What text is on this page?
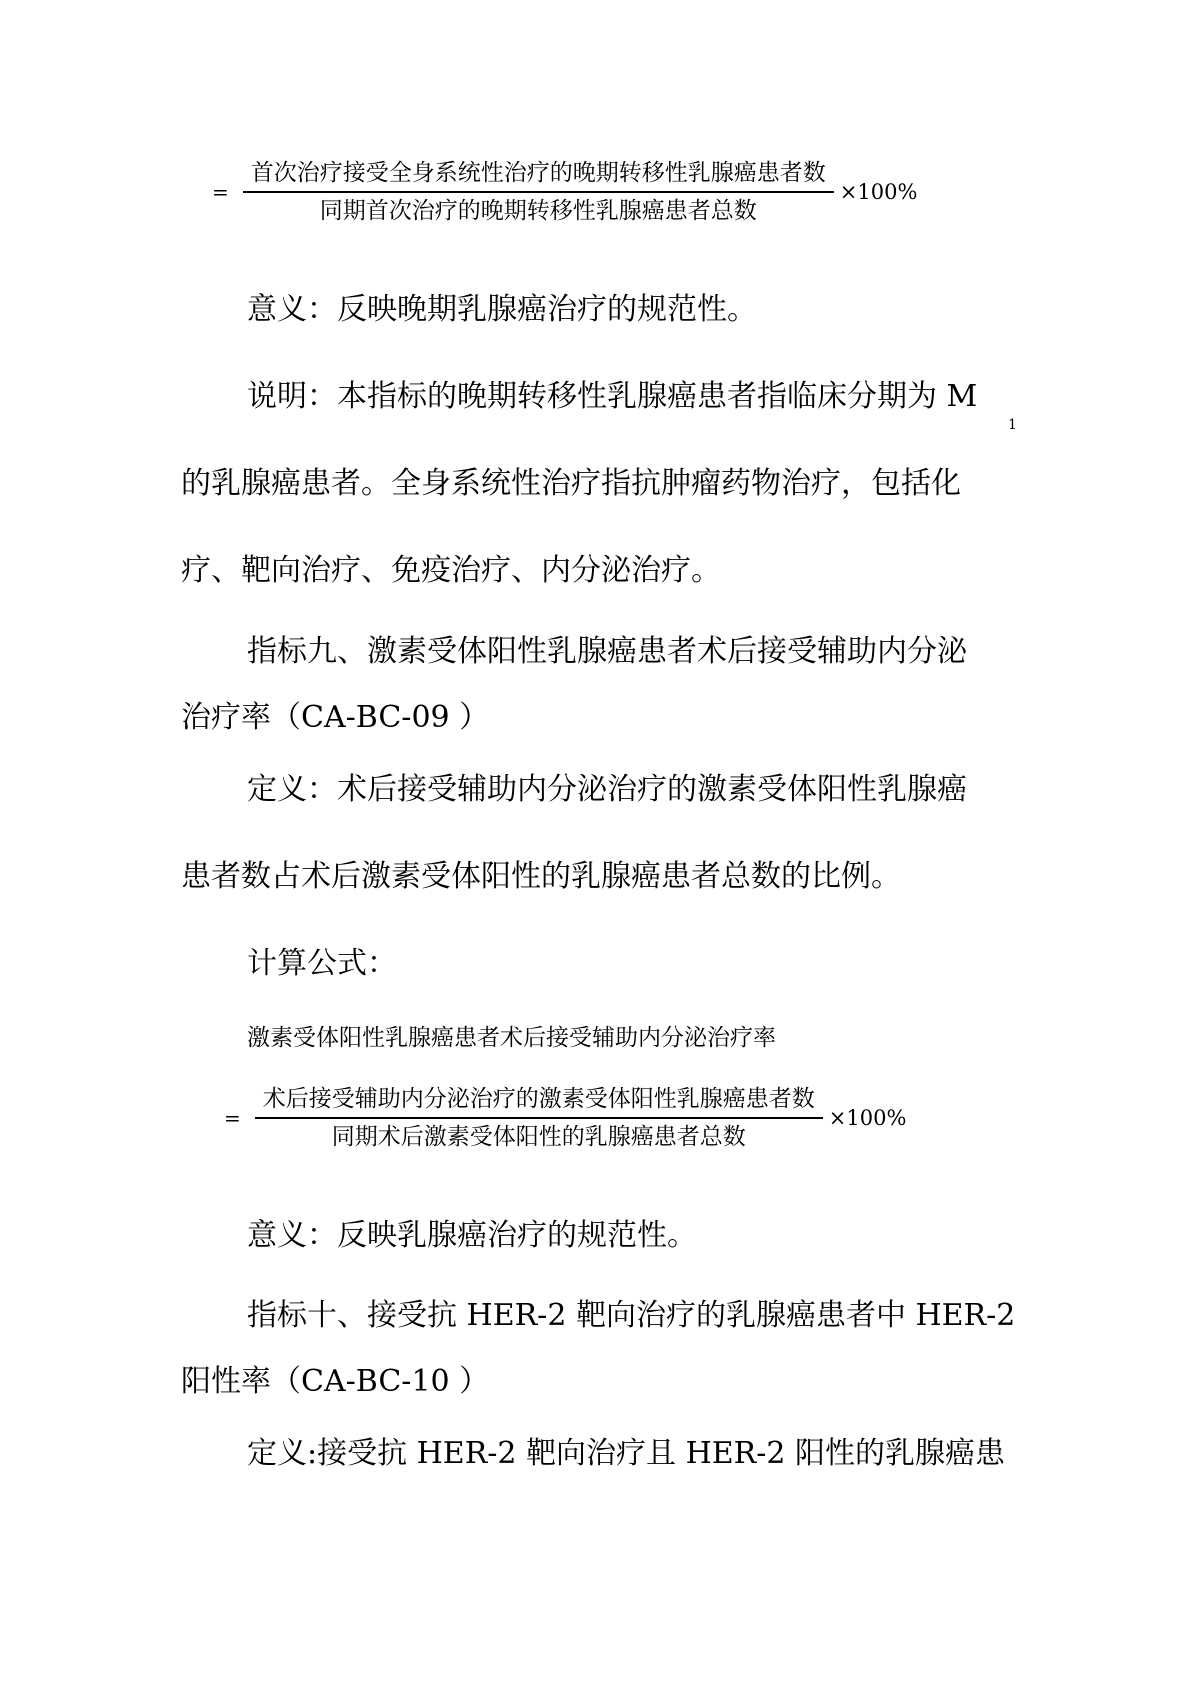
= $\frac{\text{首次治疗接受全身系统性治疗的晚期转移性乳腺癌患者数}}{\text{同期首次治疗的晚期转移性乳腺癌患者总数}} \times 100\%$
意义：反映晚期乳腺癌治疗的规范性。
说明：本指标的晚期转移性乳腺癌患者指临床分期为 M
1
的乳腺癌患者。全身系统性治疗指抗肿瘤药物治疗，包括化
疗、靶向治疗、免疫治疗、内分泌治疗。
指标九、激素受体阳性乳腺癌患者术后接受辅助内分泌
治疗率（CA-BC-09 ）
定义：术后接受辅助内分泌治疗的激素受体阳性乳腺癌
患者数占术后激素受体阳性的乳腺癌患者总数的比例。
计算公式：
激素受体阳性乳腺癌患者术后接受辅助内分泌治疗率
= $\frac{\text{术后接受辅助内分泌治疗的激素受体阳性乳腺癌患者数}}{\text{同期术后激素受体阳性的乳腺癌患者总数}} \times 100\%$
意义：反映乳腺癌治疗的规范性。
指标十、接受抗 HER-2 靶向治疗的乳腺癌患者中 HER-2
阳性率（CA-BC-10 ）
定义:接受抗 HER-2 靶向治疗且 HER-2 阳性的乳腺癌患
